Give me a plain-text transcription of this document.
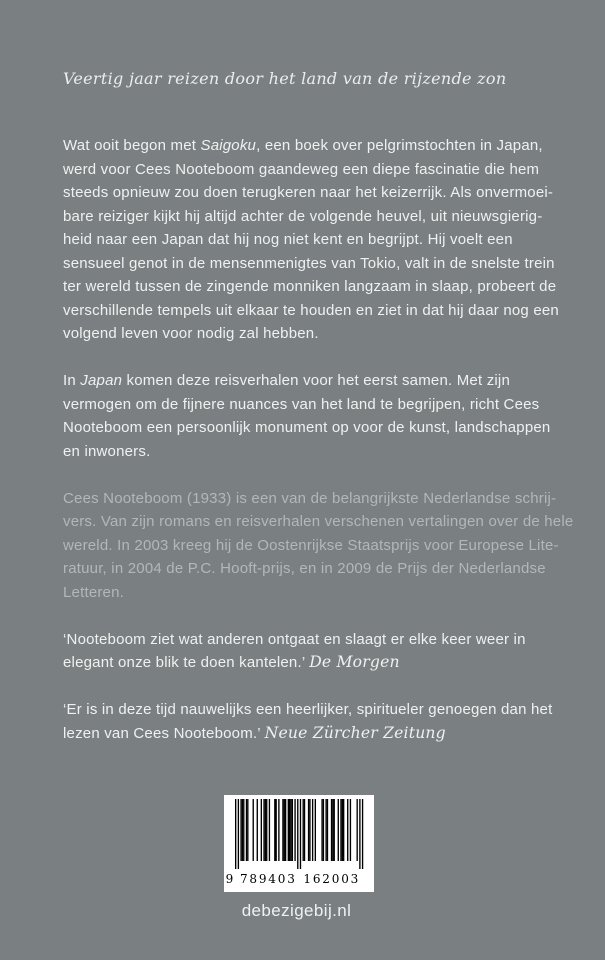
Veertig jaar reizen door het land van de rijzende zon

Wat ooit begon met Saigoku, een boek over pelgrimstochten in Japan,
werd voor Cees Nooteboom gaandeweg een diepe fascinatie die hem
steeds opnieuw zou doen terugkeren naar het keizerrijk. Als onvermoei-
bare reiziger kijkt hij altijd achter de volgende heuvel, uit nieuwsgierig-
heid naar een Japan dat hij nog niet kent en begrijpt. Hij voelt een
sensueel genot in de mensenmenigtes van Tokio, valt in de snelste trein
ter wereld tussen de zingende monniken langzaam in slaap, probeert de
verschillende tempels uit elkaar te houden en ziet in dat hij daar nog een
volgend leven voor nodig zal hebben.

In Japan komen deze reisverhalen voor het eerst samen. Met zijn
vermogen om de fijnere nuances van het land te begrijpen, richt Cees
Nooteboom een persoonlijk monument op voor de kunst, landschappen
en inwoners.

Cees Nooteboom (1933) is een van de belangrijkste Nederlandse schrij-
vers. Van zijn romans en reisverhalen verschenen vertalingen over de hele
wereld. In 2003 kreeg hij de Oostenrijkse Staatsprijs voor Europese Lite-
ratuur, in 2004 de P.C. Hooft-prijs, en in 2009 de Prijs der Nederlandse
Letteren.

‘Nooteboom ziet wat anderen ontgaat en slaagt er elke keer weer in
elegant onze blik te doen kantelen.’ De Morgen

‘Er is in deze tijd nauwelijks een heerlijker, spiritueler genoegen dan het
lezen van Cees Nooteboom.’ Neue Zürcher Zeitung

debezigebij.nl
